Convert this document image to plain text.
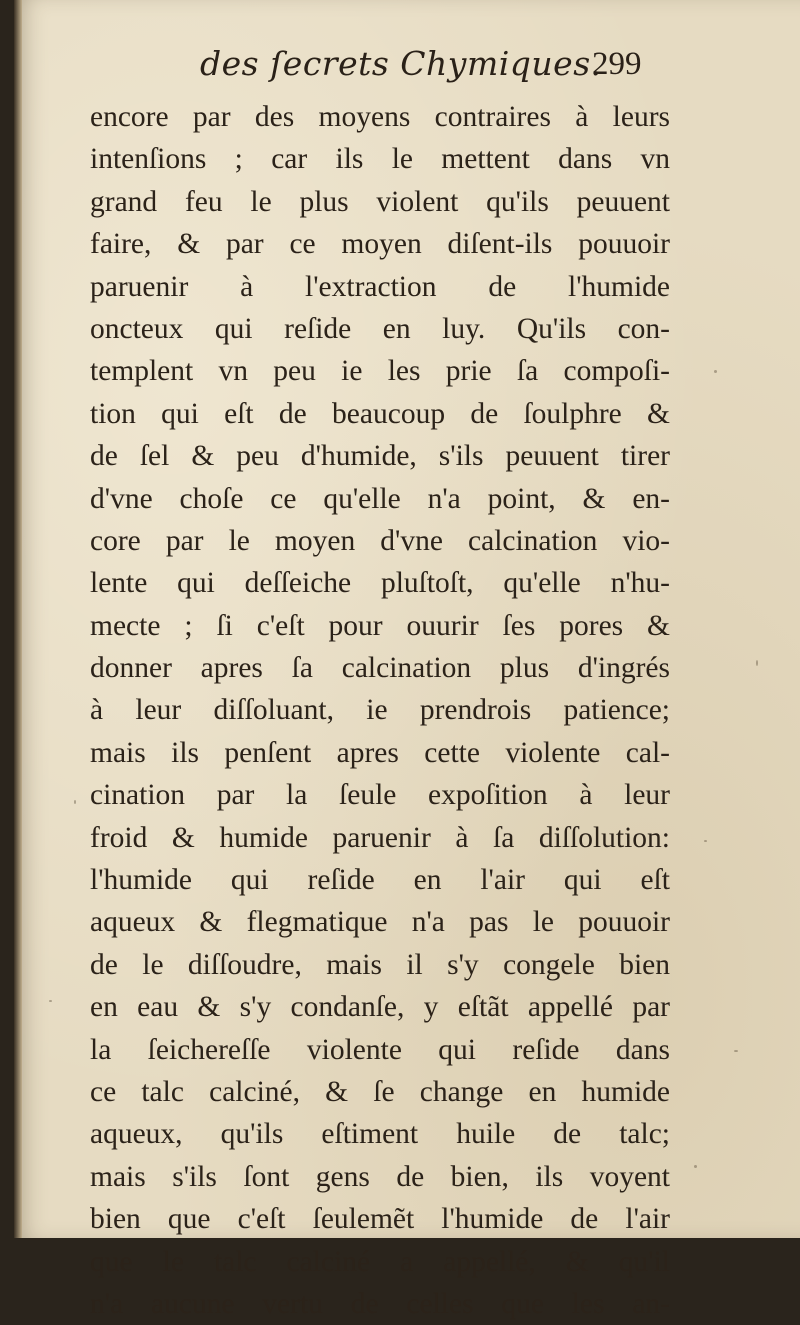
des ſecrets Chymiques.
299
encore par des moyens contraires à leurs
intenſions ; car ils le mettent dans vn
grand feu le plus violent qu'ils peuuent
faire, & par ce moyen diſent-ils pouuoir
paruenir à l'extraction de l'humide
oncteux qui reſide en luy. Qu'ils con-
templent vn peu ie les prie ſa compoſi-
tion qui eſt de beaucoup de ſoulphre &
de ſel & peu d'humide, s'ils peuuent tirer
d'vne choſe ce qu'elle n'a point, & en-
core par le moyen d'vne calcination vio-
lente qui deſſeiche pluſtoſt, qu'elle n'hu-
mecte ; ſi c'eſt pour ouurir ſes pores &
donner apres ſa calcination plus d'ingrés
à leur diſſoluant, ie prendrois patience;
mais ils penſent apres cette violente cal-
cination par la ſeule expoſition à leur
froid & humide paruenir à ſa diſſolution:
l'humide qui reſide en l'air qui eſt
aqueux & flegmatique n'a pas le pouuoir
de le diſſoudre, mais il s'y congele bien
en eau & s'y condanſe, y eſtãt appellé par
la ſeicherеſſe violente qui reſide dans
ce talc calciné, & ſe change en humide
aqueux, qu'ils eſtiment huile de talc;
mais s'ils ſont gens de bien, ils voyent
bien que c'eſt ſeulemẽt l'humide de l'air
que le talc calciné a appellé, & qu'il
n'a aucune vertu de celles que les an-
